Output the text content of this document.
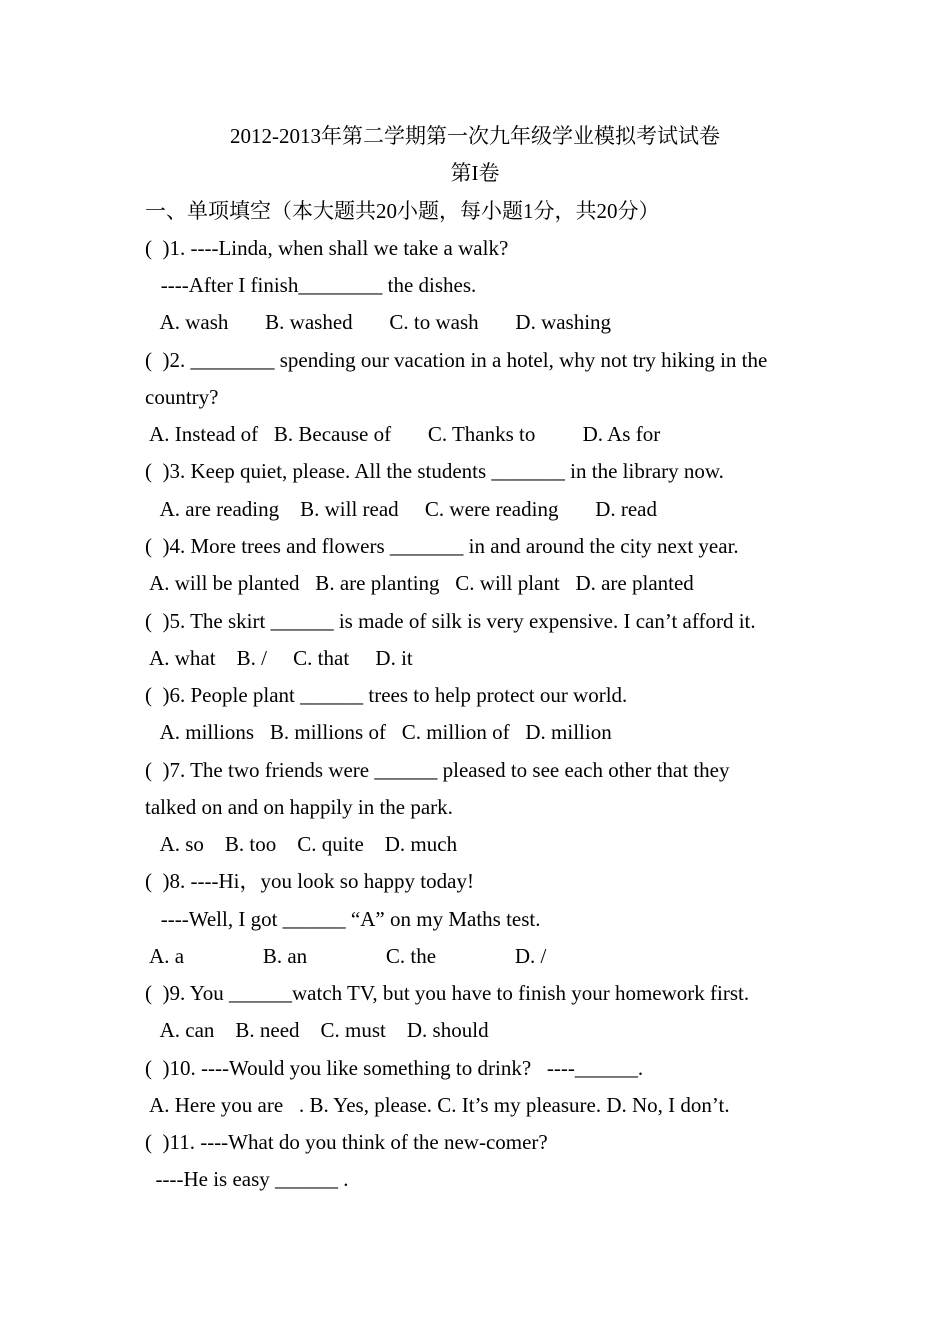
2012-2013年第二学期第一次九年级学业模拟考试试卷
第I卷
一、单项填空（本大题共20小题，每小题1分，共20分）
(  )1. ----Linda, when shall we take a walk?
----After I finish________ the dishes.
A. wash       B. washed       C. to wash       D. washing
(  )2. ________ spending our vacation in a hotel, why not try hiking in the
country?
A. Instead of   B. Because of       C. Thanks to         D. As for
(  )3. Keep quiet, please. All the students _______ in the library now.
A. are reading    B. will read     C. were reading       D. read
(  )4. More trees and flowers _______ in and around the city next year.
A. will be planted   B. are planting   C. will plant   D. are planted
(  )5. The skirt ______ is made of silk is very expensive. I can’t afford it.
A. what    B. /     C. that     D. it
(  )6. People plant ______ trees to help protect our world.
A. millions   B. millions of   C. million of   D. million
(  )7. The two friends were ______ pleased to see each other that they
talked on and on happily in the park.
A. so    B. too    C. quite    D. much
(  )8. ----Hi，you look so happy today!
----Well, I got ______ “A” on my Maths test.
A. a               B. an               C. the               D. /
(  )9. You ______watch TV, but you have to finish your homework first.
A. can    B. need    C. must    D. should
(  )10. ----Would you like something to drink?   ----______.
A. Here you are   . B. Yes, please. C. It’s my pleasure. D. No, I don’t.
(  )11. ----What do you think of the new-comer?
----He is easy ______ .
